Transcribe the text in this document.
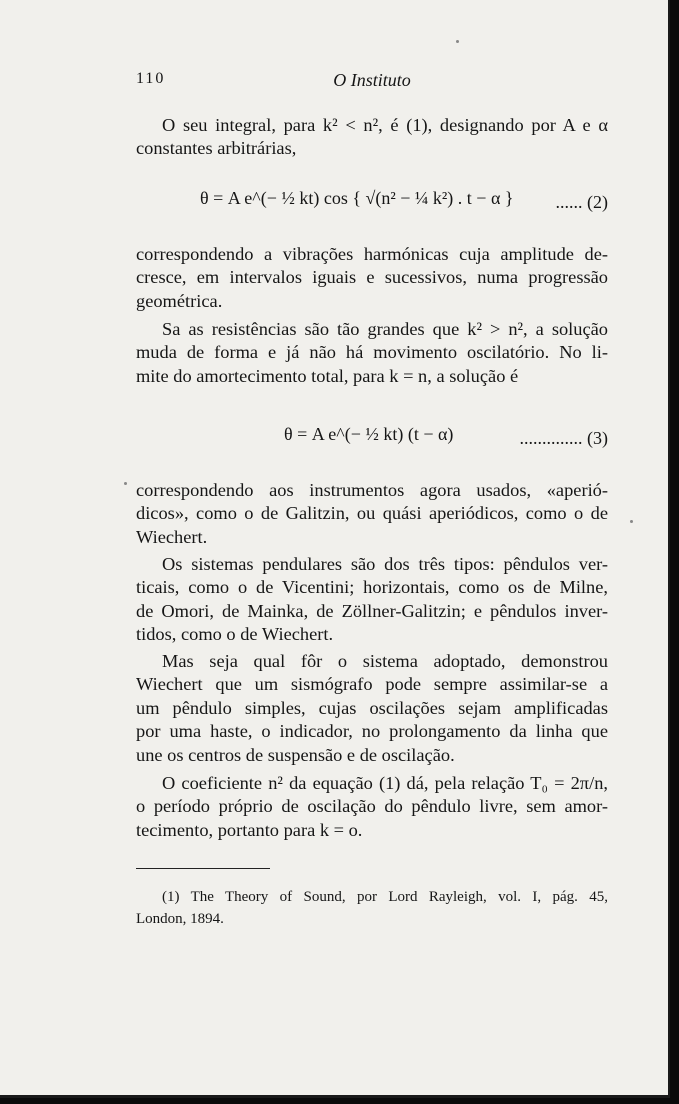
110	O Instituto
O seu integral, para k² < n², é (1), designando por A e α
constantes arbitrárias,
θ = A e^(− ½ kt) cos { √(n² − ¼ k²) . t − α } ...... (2)
correspondendo a vibrações harmónicas cuja amplitude de-
cresce, em intervalos iguais e sucessivos, numa progressão
geométrica.
Sa as resistências são tão grandes que k² > n², a solução
muda de forma e já não há movimento oscilatório. No li-
mite do amortecimento total, para k = n, a solução é
θ = A e^(− ½ kt) (t − α)	.............. (3)
correspondendo aos instrumentos agora usados, «aperió-
dicos», como o de Galitzin, ou quási aperiódicos, como o de
Wiechert.
Os sistemas pendulares são dos três tipos: pêndulos ver-
ticais, como o de Vicentini; horizontais, como os de Milne,
de Omori, de Mainka, de Zöllner-Galitzin; e pêndulos inver-
tidos, como o de Wiechert.
Mas seja qual fôr o sistema adoptado, demonstrou
Wiechert que um sismógrafo pode sempre assimilar-se a
um pêndulo simples, cujas oscilações sejam amplificadas
por uma haste, o indicador, no prolongamento da linha que
une os centros de suspensão e de oscilação.
O coeficiente n² da equação (1) dá, pela relação T₀ = 2π/n,
o período próprio de oscilação do pêndulo livre, sem amor-
tecimento, portanto para k = o.
(1) The Theory of Sound, por Lord Rayleigh, vol. I, pág. 45,
London, 1894.
